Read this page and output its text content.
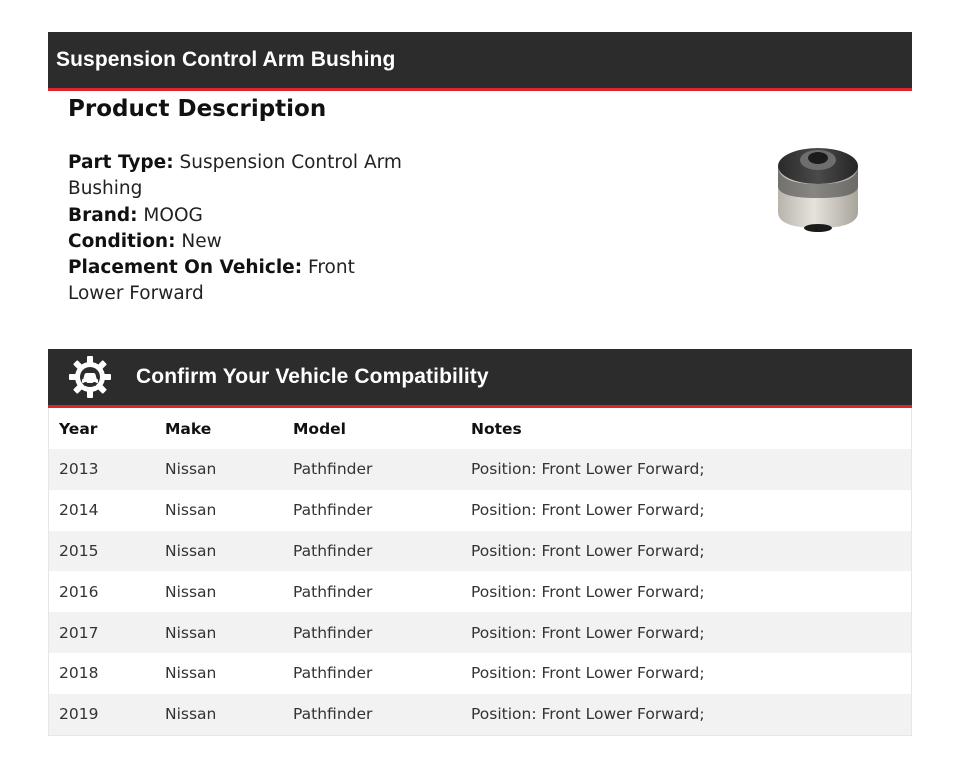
Suspension Control Arm Bushing
Product Description
Part Type: Suspension Control Arm Bushing
Brand: MOOG
Condition: New
Placement On Vehicle: Front Lower Forward
Confirm Your Vehicle Compatibility
Year	Make	Model	Notes
2013	Nissan	Pathfinder	Position: Front Lower Forward;
2014	Nissan	Pathfinder	Position: Front Lower Forward;
2015	Nissan	Pathfinder	Position: Front Lower Forward;
2016	Nissan	Pathfinder	Position: Front Lower Forward;
2017	Nissan	Pathfinder	Position: Front Lower Forward;
2018	Nissan	Pathfinder	Position: Front Lower Forward;
2019	Nissan	Pathfinder	Position: Front Lower Forward;
